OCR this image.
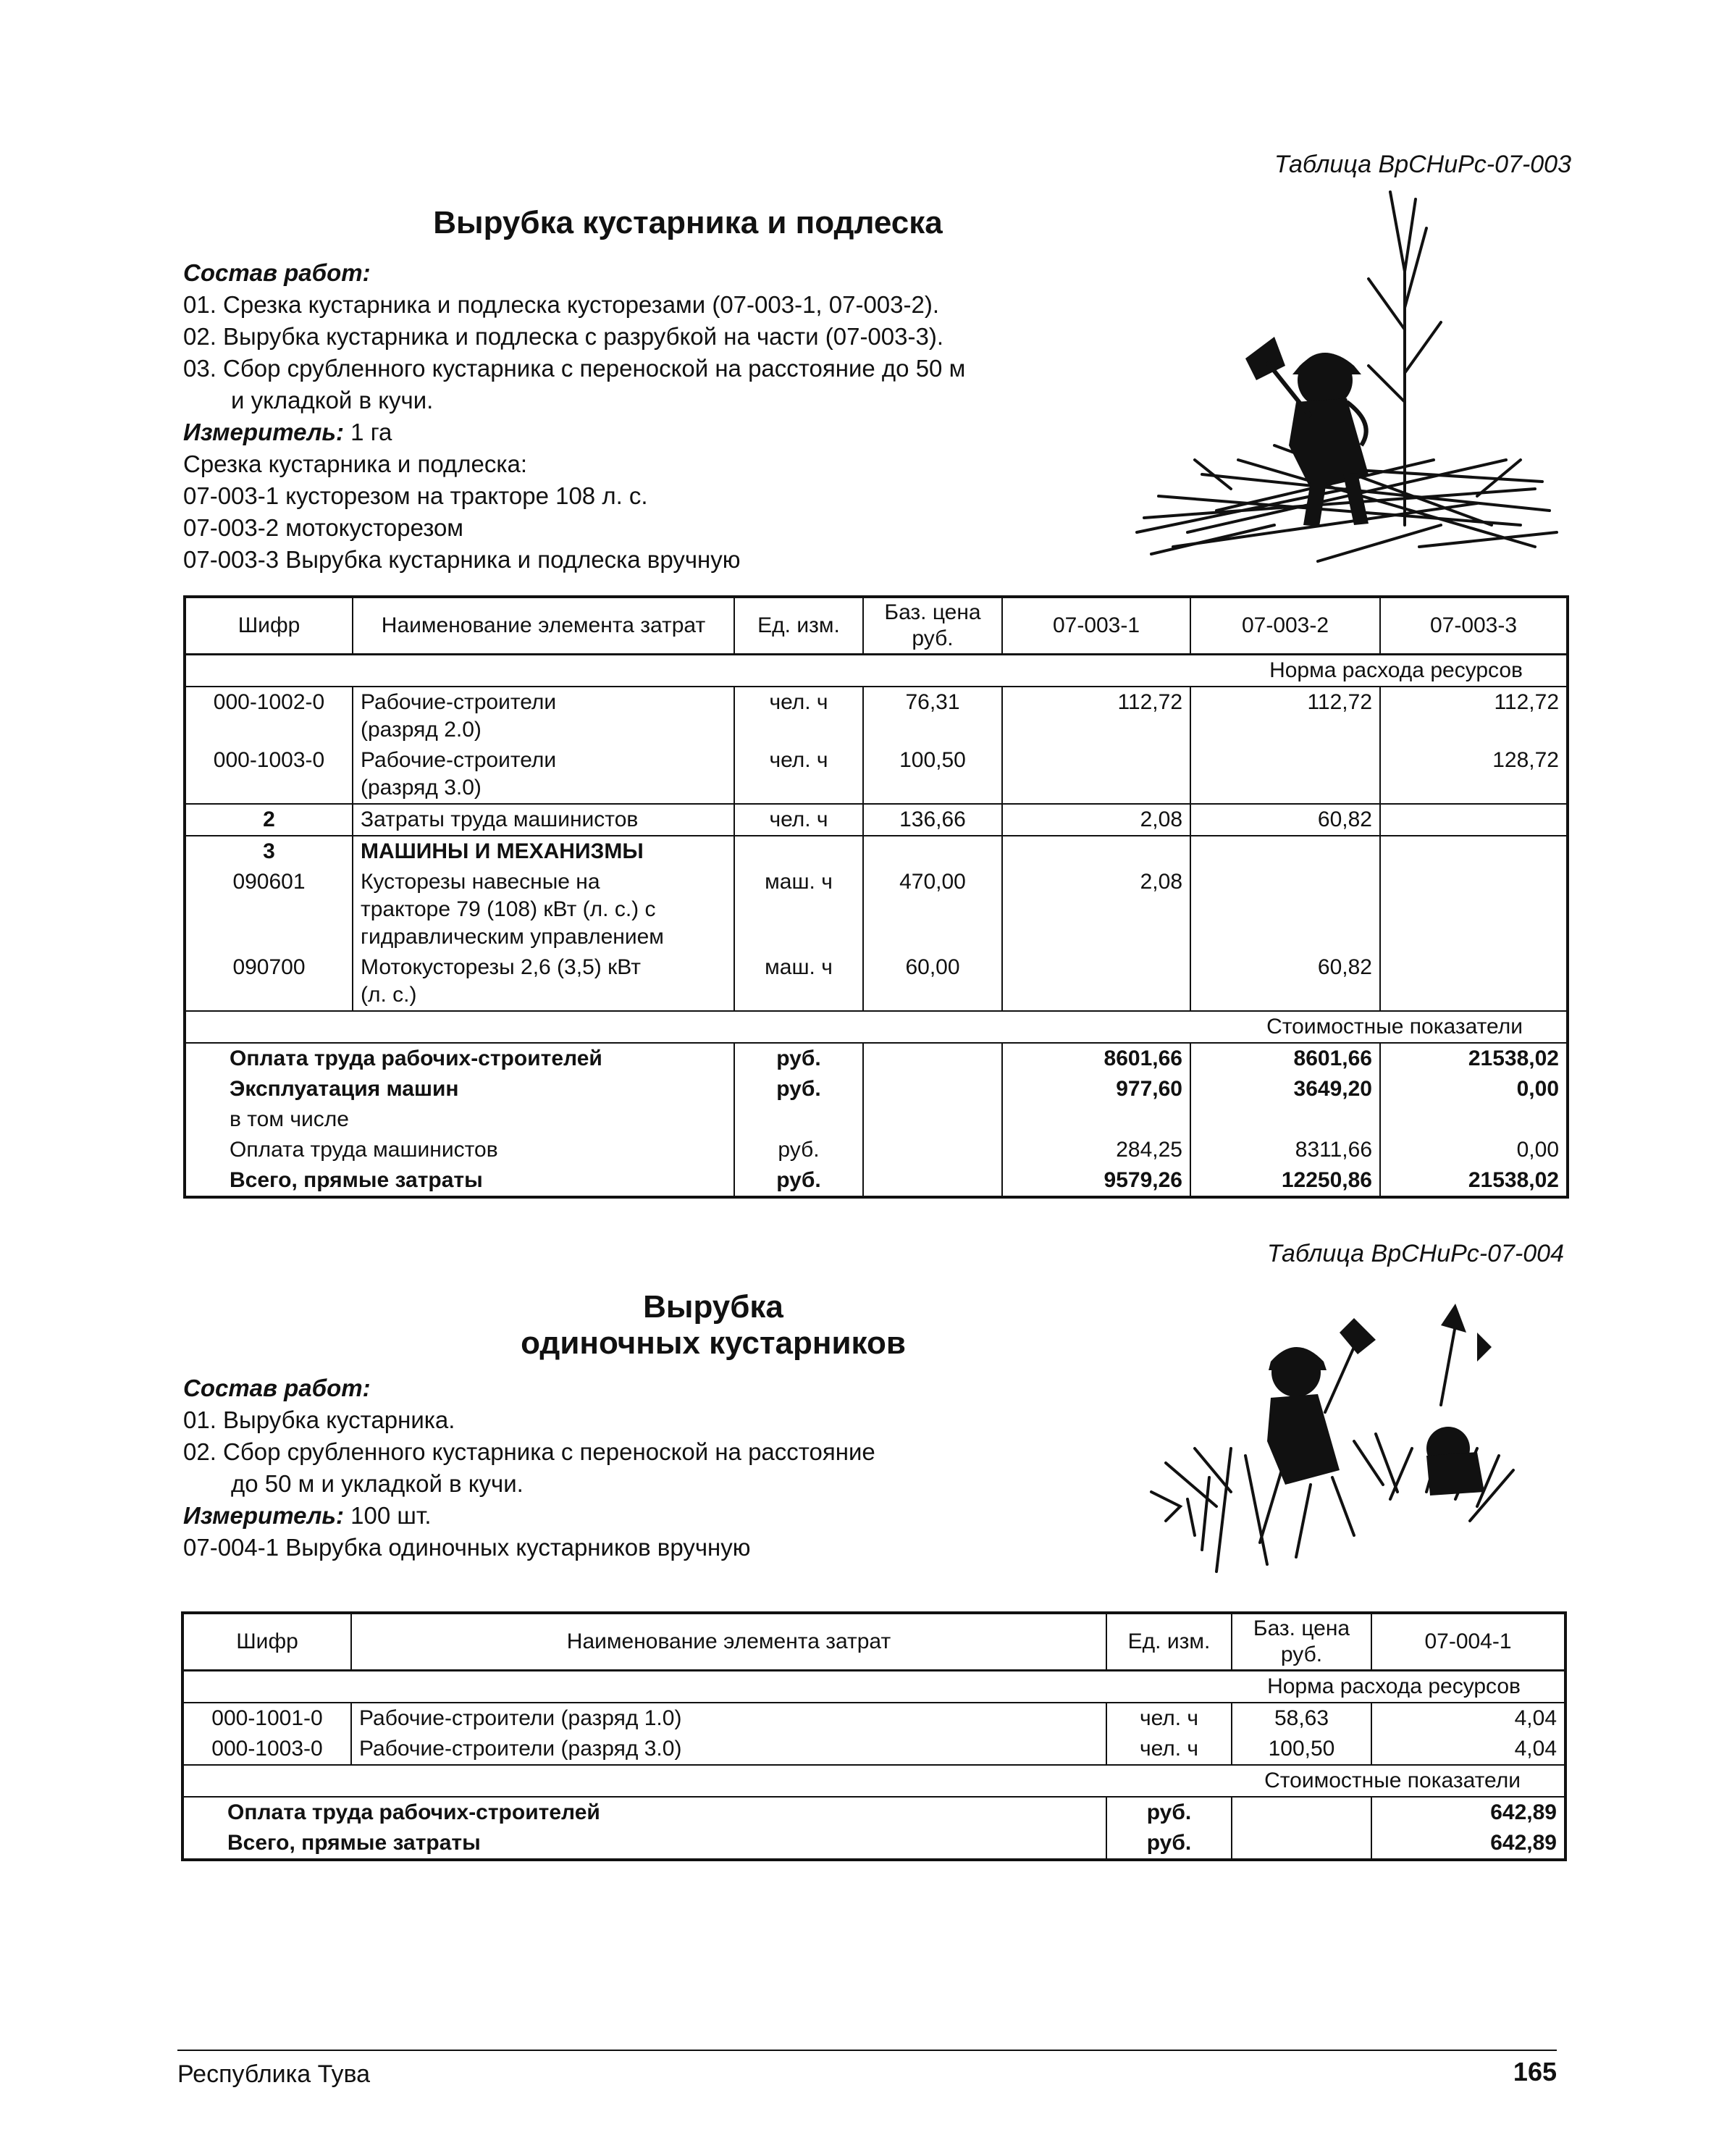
Таблица ВрСНиРс-07-003
Вырубка кустарника и подлеска
Состав работ:
01. Срезка кустарника и подлеска кусторезами (07-003-1, 07-003-2).
02. Вырубка кустарника и подлеска с разрубкой на части (07-003-3).
03. Сбор срубленного кустарника с переноской на расстояние до 50 м
и укладкой в кучи.
Измеритель: 1 га
Срезка кустарника и подлеска:
07-003-1 кусторезом на тракторе 108 л. с.
07-003-2 мотокусторезом
07-003-3 Вырубка кустарника и подлеска вручную
Шифр	Наименование элемента затрат	Ед. изм.	Баз. цена руб.	07-003-1	07-003-2	07-003-3
Норма расхода ресурсов						
000-1002-0	Рабочие-строители
(разряд 2.0)	чел. ч	76,31	112,72	112,72	112,72
000-1003-0	Рабочие-строители
(разряд 3.0)	чел. ч	100,50			128,72
2	Затраты труда машинистов	чел. ч	136,66	2,08	60,82	
3	МАШИНЫ И МЕХАНИЗМЫ					
090601	Кусторезы навесные на
тракторе 79 (108) кВт (л. с.) с
гидравлическим управлением	маш. ч	470,00	2,08		
090700	Мотокусторезы 2,6 (3,5) кВт
(л. с.)	маш. ч	60,00		60,82	
Стоимостные показатели						
Оплата труда рабочих-строителей		руб.		8601,66	8601,66	21538,02
Эксплуатация машин		руб.		977,60	3649,20	0,00
в том числе						
Оплата труда машинистов		руб.		284,25	8311,66	0,00
Всего, прямые затраты		руб.		9579,26	12250,86	21538,02
Таблица ВрСНиРс-07-004
Вырубка
одиночных кустарников
Состав работ:
01. Вырубка кустарника.
02. Сбор срубленного кустарника с переноской на расстояние
до 50 м и укладкой в кучи.
Измеритель: 100 шт.
07-004-1 Вырубка одиночных кустарников вручную
Шифр	Наименование элемента затрат	Ед. изм.	Баз. цена руб.	07-004-1
Норма расхода ресурсов				
000-1001-0	Рабочие-строители (разряд 1.0)	чел. ч	58,63	4,04
000-1003-0	Рабочие-строители (разряд 3.0)	чел. ч	100,50	4,04
Стоимостные показатели				
Оплата труда рабочих-строителей		руб.		642,89
Всего, прямые затраты		руб.		642,89
Республика Тува	165
